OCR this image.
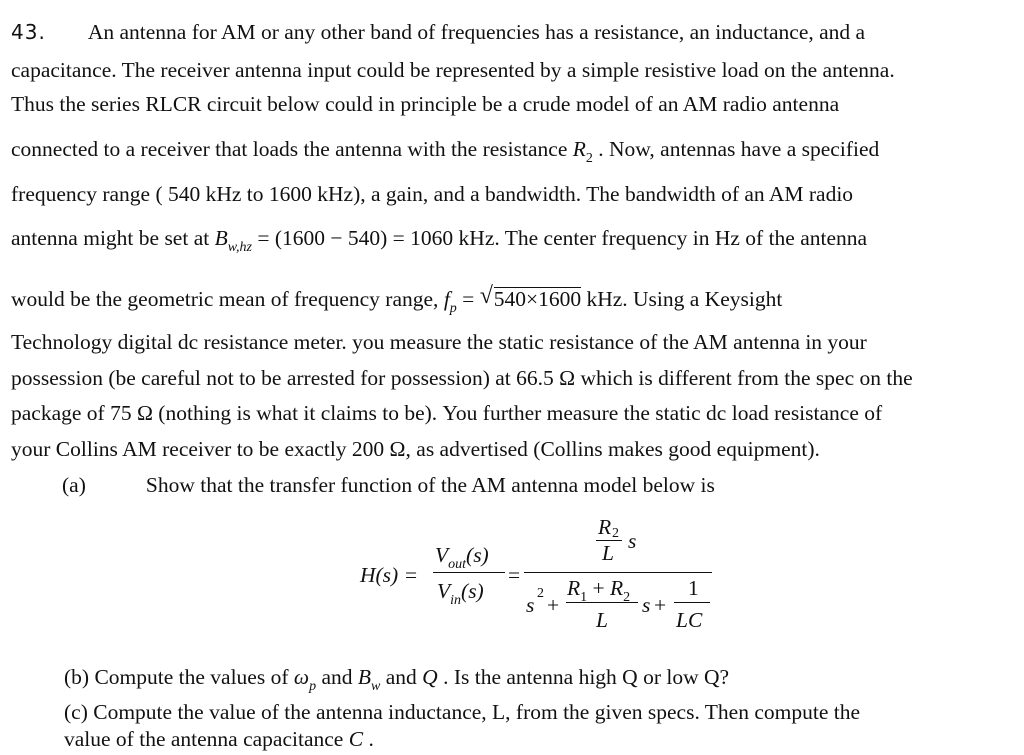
43. An antenna for AM or any other band of frequencies has a resistance, an inductance, and a
capacitance. The receiver antenna input could be represented by a simple resistive load on the antenna.
Thus the series RLCR circuit below could in principle be a crude model of an AM radio antenna
connected to a receiver that loads the antenna with the resistance $R_2$ . Now, antennas have a specified
frequency range ( 540 kHz to 1600 kHz), a gain, and a bandwidth. The bandwidth of an AM radio
antenna might be set at $B_{w,hz} = (1600 - 540) = 1060$ kHz. The center frequency in Hz of the antenna
would be the geometric mean of frequency range, $f_p$ = √ 540×1600 kHz. Using a Keysight
Technology digital dc resistance meter. you measure the static resistance of the AM antenna in your
possession (be careful not to be arrested for possession) at 66.5 Ω which is different from the spec on the
package of 75 Ω (nothing is what it claims to be). You further measure the static dc load resistance of
your Collins AM receiver to be exactly 200 Ω, as advertised (Collins makes good equipment).
(a)	Show that the transfer function of the AM antenna model below is
H(s) =
$V_{out}(s)$
$V_{in}(s)$
=
R 2
L s
s 2 +
$R_1 + R_2$
L
s +
1
LC
(b) Compute the values of $\omega_p$ and $B_w$ and Q . Is the antenna high Q or low Q?
(c) Compute the value of the antenna inductance, L, from the given specs. Then compute the
value of the antenna capacitance C .
